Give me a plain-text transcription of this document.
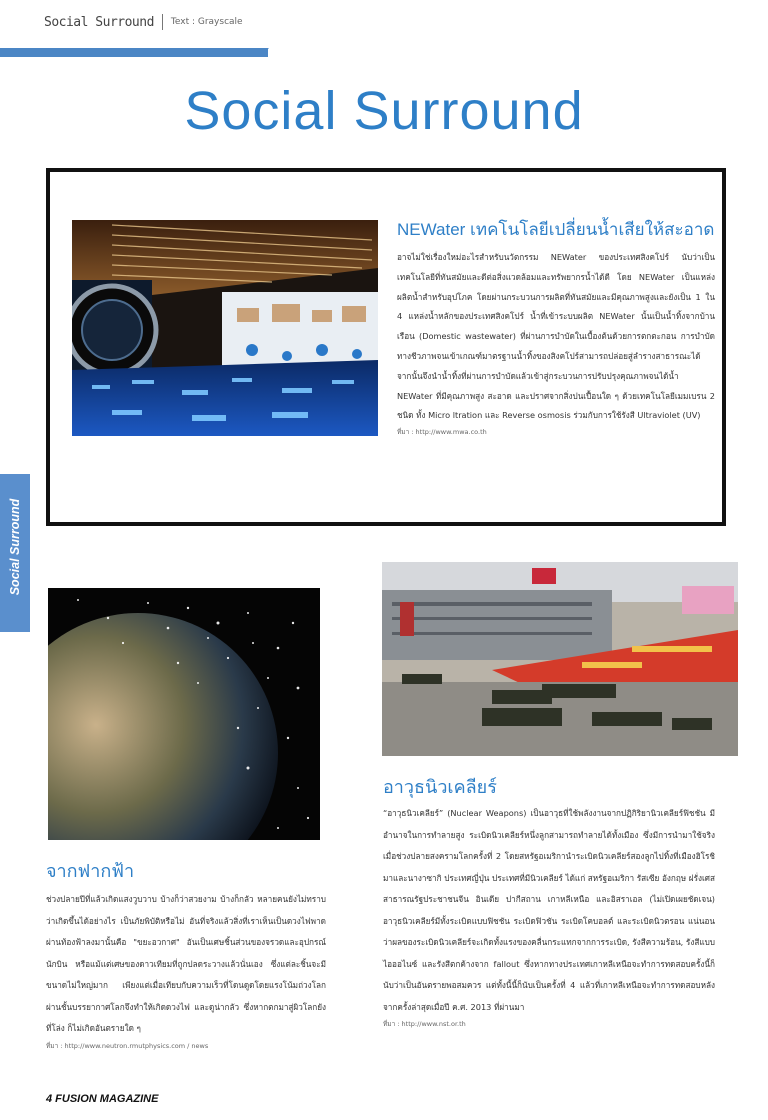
Social Surround Text : Grayscale
Social Surround
NEWater เทคโนโลยีเปลี่ยนน้ำเสียให้สะอาด
อาจไม่ใช่เรื่องใหม่อะไรสำหรับนวัตกรรม NEWater ของประเทศสิงคโปร์ นับว่าเป็นเทคโนโลยีที่ทันสมัยและดีต่อสิ่งแวดล้อมและทรัพยากรน้ำได้ดี โดย NEWater เป็นแหล่งผลิตน้ำสำหรับอุปโภค โดยผ่านกระบวนการผลิตที่ทันสมัยและมีคุณภาพสูงและยังเป็น 1 ใน 4 แหล่งน้ำหลักของประเทศสิงคโปร์ น้ำที่เข้าระบบผลิต NEWater นั้นเป็นน้ำทิ้งจากบ้านเรือน (Domestic wastewater) ที่ผ่านการบำบัดในเบื้องต้นด้วยการตกตะกอน การบำบัดทางชีวภาพจนเข้าเกณฑ์มาตรฐานน้ำทิ้งของสิงคโปร์สามารถปล่อยสู่ลำรางสาธารณะได้ จากนั้นจึงนำน้ำทิ้งที่ผ่านการบำบัดแล้วเข้าสู่กระบวนการปรับปรุงคุณภาพจนได้น้ำ NEWater ที่มีคุณภาพสูง สะอาด และปราศจากสิ่งปนเปื้อนใด ๆ ด้วยเทคโนโลยีเมมเบรน 2 ชนิด ทั้ง Micro ltration และ Reverse osmosis ร่วมกับการใช้รังสี Ultraviolet (UV)
ที่มา : http://www.mwa.co.th
Social Surround
จากฟากฟ้า
ช่วงปลายปีที่แล้วเกิดแสงวูบวาบ บ้างก็ว่าสวยงาม บ้างก็กลัว หลายคนยังไม่ทราบว่าเกิดขึ้นได้อย่างไร เป็นภัยพิบัติหรือไม่ อันที่จริงแล้วสิ่งที่เราเห็นเป็นดวงไฟพาดผ่านท้องฟ้าลงมานั้นคือ "ขยะอวกาศ" อันเป็นเศษชิ้นส่วนของจรวดและอุปกรณ์นักบิน หรือแม้แต่เศษของดาวเทียมที่ถูกปลดระวางแล้วนั่นเอง ซึ่งแต่ละชิ้นจะมีขนาดไม่ใหญ่มาก เพียงแต่เมื่อเทียบกับความเร็วที่โดนดูดโดยแรงโน้มถ่วงโลก ผ่านชั้นบรรยากาศโลกจึงทำให้เกิดดวงไฟ และดูน่ากลัว ซึ่งหากตกมาสู่ผิวโลกยังที่โล่ง ก็ไม่เกิดอันตรายใด ๆ
ที่มา : http://www.neutron.rmutphysics.com / news
อาวุธนิวเคลียร์
“อาวุธนิวเคลียร์” (Nuclear Weapons) เป็นอาวุธที่ใช้พลังงานจากปฏิกิริยานิวเคลียร์ฟิชชัน มีอำนาจในการทำลายสูง ระเบิดนิวเคลียร์หนึ่งลูกสามารถทำลายได้ทั้งเมือง ซึ่งมีการนำมาใช้จริงเมื่อช่วงปลายสงครามโลกครั้งที่ 2 โดยสหรัฐอเมริกานำระเบิดนิวเคลียร์สองลูกไปทิ้งที่เมืองฮิโรชิมาและนางาซากิ ประเทศญี่ปุ่น ประเทศที่มีนิวเคลียร์ ได้แก่ สหรัฐอเมริกา รัสเซีย อังกฤษ ฝรั่งเศส สาธารณรัฐประชาชนจีน อินเดีย ปากีสถาน เกาหลีเหนือ และอิสราเอล (ไม่เปิดเผยชัดเจน) อาวุธนิวเคลียร์มีทั้งระเบิดแบบฟิชชัน ระเบิดฟิวชัน ระเบิดโคบอลต์ และระเบิดนิวตรอน แน่นอนว่าผลของระเบิดนิวเคลียร์จะเกิดทั้งแรงของคลื่นกระแทกจากการระเบิด, รังสีความร้อน, รังสีแบบไอออไนซ์ และรังสีตกค้างจาก fallout ซึ่งหากทางประเทศเกาหลีเหนือจะทำการทดสอบครั้งนี้ก็นับว่าเป็นอันตรายพอสมควร แต่ทั้งนี้นี้ก็นับเป็นครั้งที่ 4 แล้วที่เกาหลีเหนือจะทำการทดสอบหลังจากครั้งล่าสุดเมื่อปี ค.ศ. 2013 ที่ผ่านมา
ที่มา : http://www.nst.or.th
4 FUSION MAGAZINE
